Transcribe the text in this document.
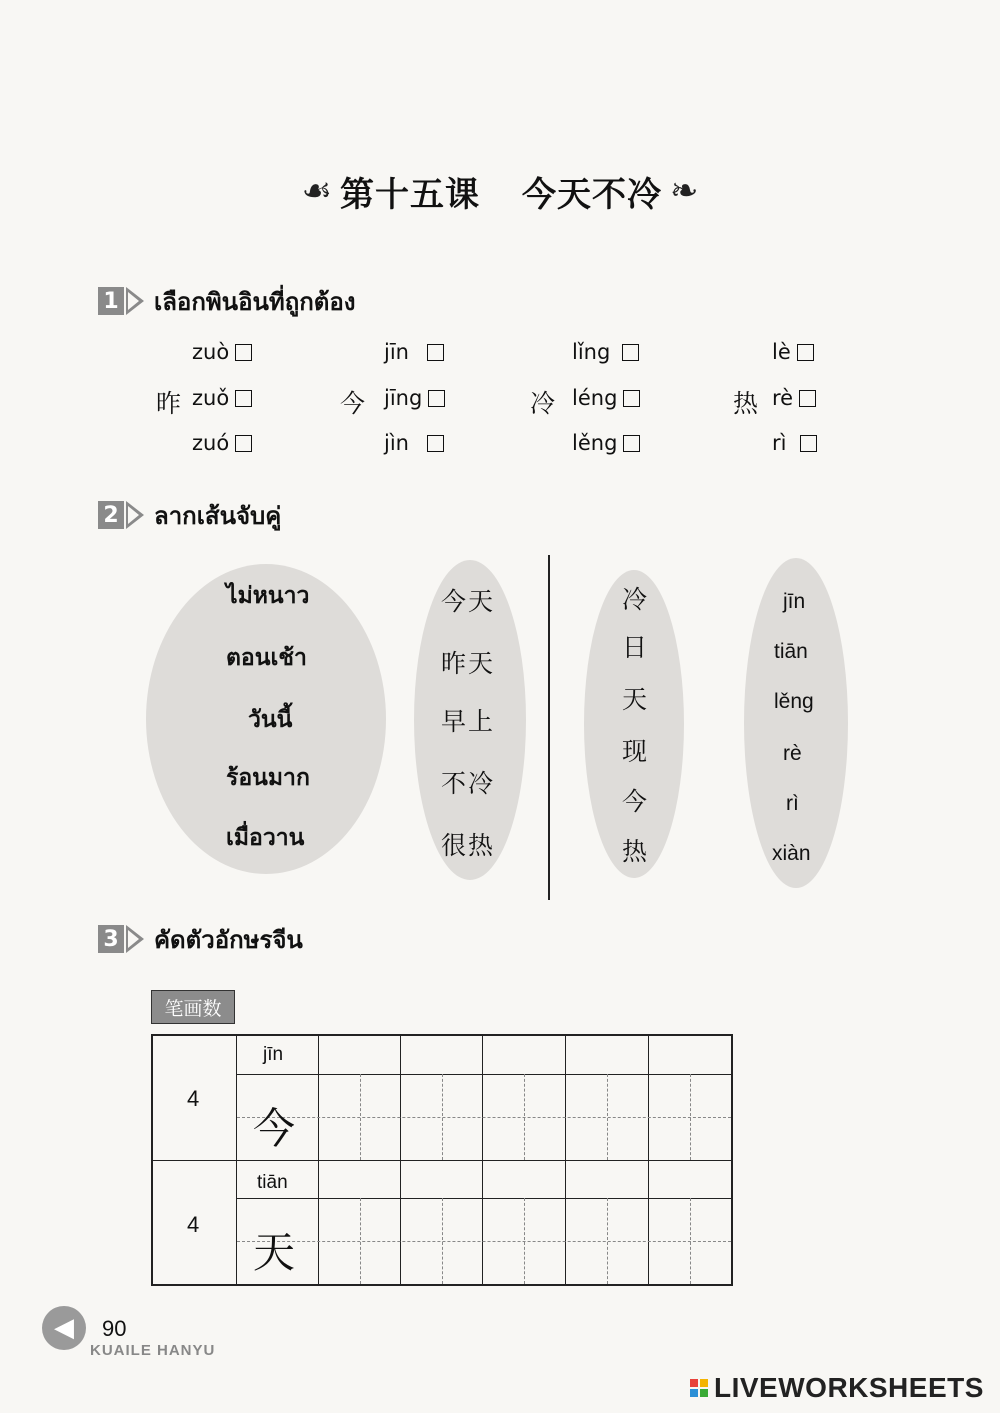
☙ 第十五课 今天不冷 ❧
1 เลือกพินอินที่ถูกต้อง
zuò
昨 zuǒ
zuó
jīn
今 jīng
jìn
lǐng
冷 léng
lěng
lè
热 rè
rì
2 ลากเส้นจับคู่
ไม่หนาว
ตอนเช้า
วันนี้
ร้อนมาก
เมื่อวาน
今天
昨天
早上
不冷
很热
冷
日
天
现
今
热
jīn
tiān
lěng
rè
rì
xiàn
3 คัดตัวอักษรจีน
笔画数
4
jīn
今
4
tiān
天
◀	90
KUAILE HANYU
LIVEWORKSHEETS
